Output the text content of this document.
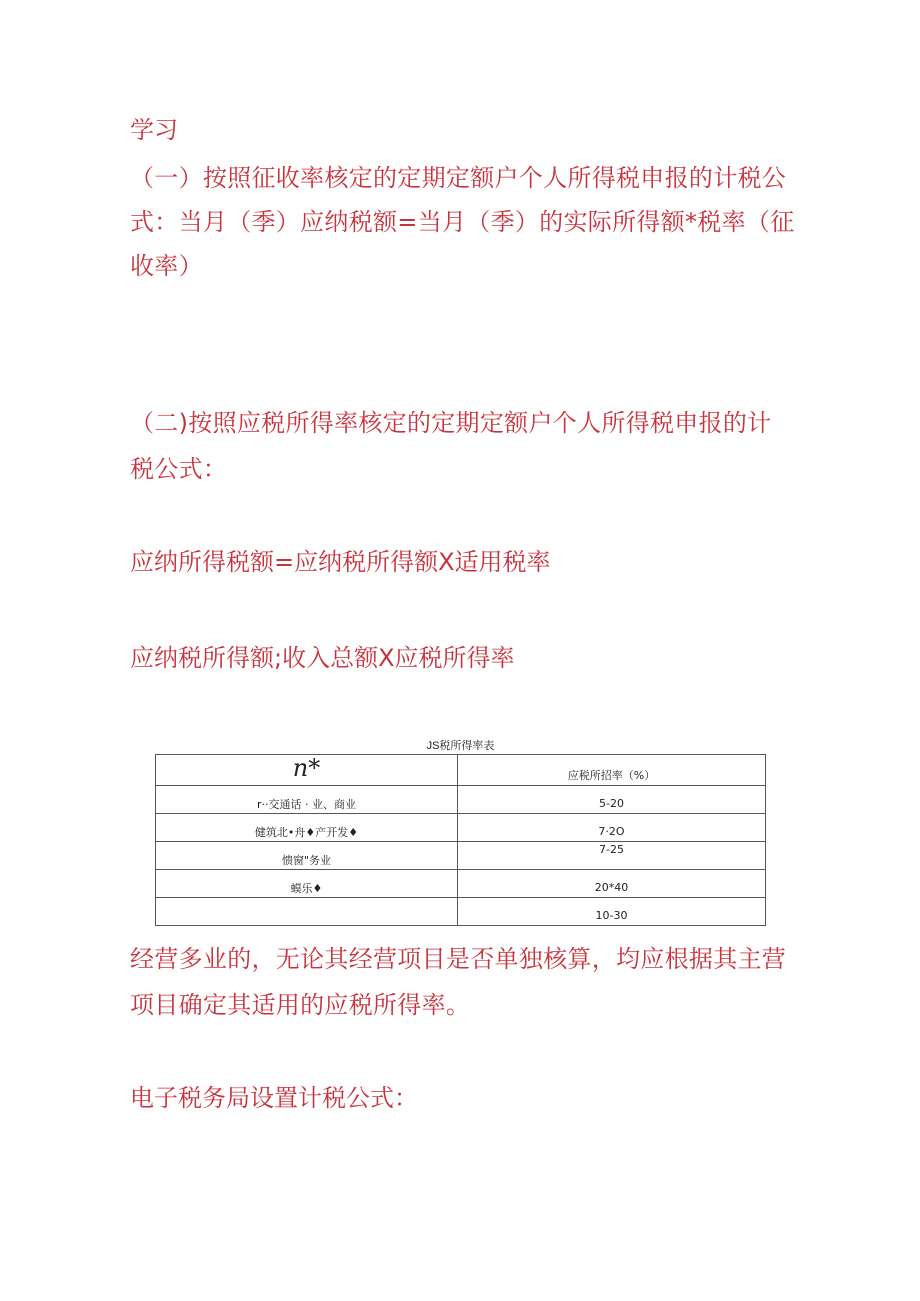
学习

（一）按照征收率核定的定期定额户个人所得税申报的计税公式：当月（季）应纳税额=当月（季）的实际所得额*税率（征收率）

（二)按照应税所得率核定的定期定额户个人所得税申报的计税公式：

应纳所得税额=应纳税所得额X适用税率

应纳税所得额;收入总额X应税所得率

JS税所得率表
n*	应税所招率（%）
r··交通话 · 业、商业	5-20
健筑北•舟♦产开发♦	7·2O
愦窗"务业	7-25
蟆乐♦	20*40
	10-30

经营多业的，无论其经营项目是否单独核算，均应根据其主营项目确定其适用的应税所得率。

电子税务局设置计税公式：
